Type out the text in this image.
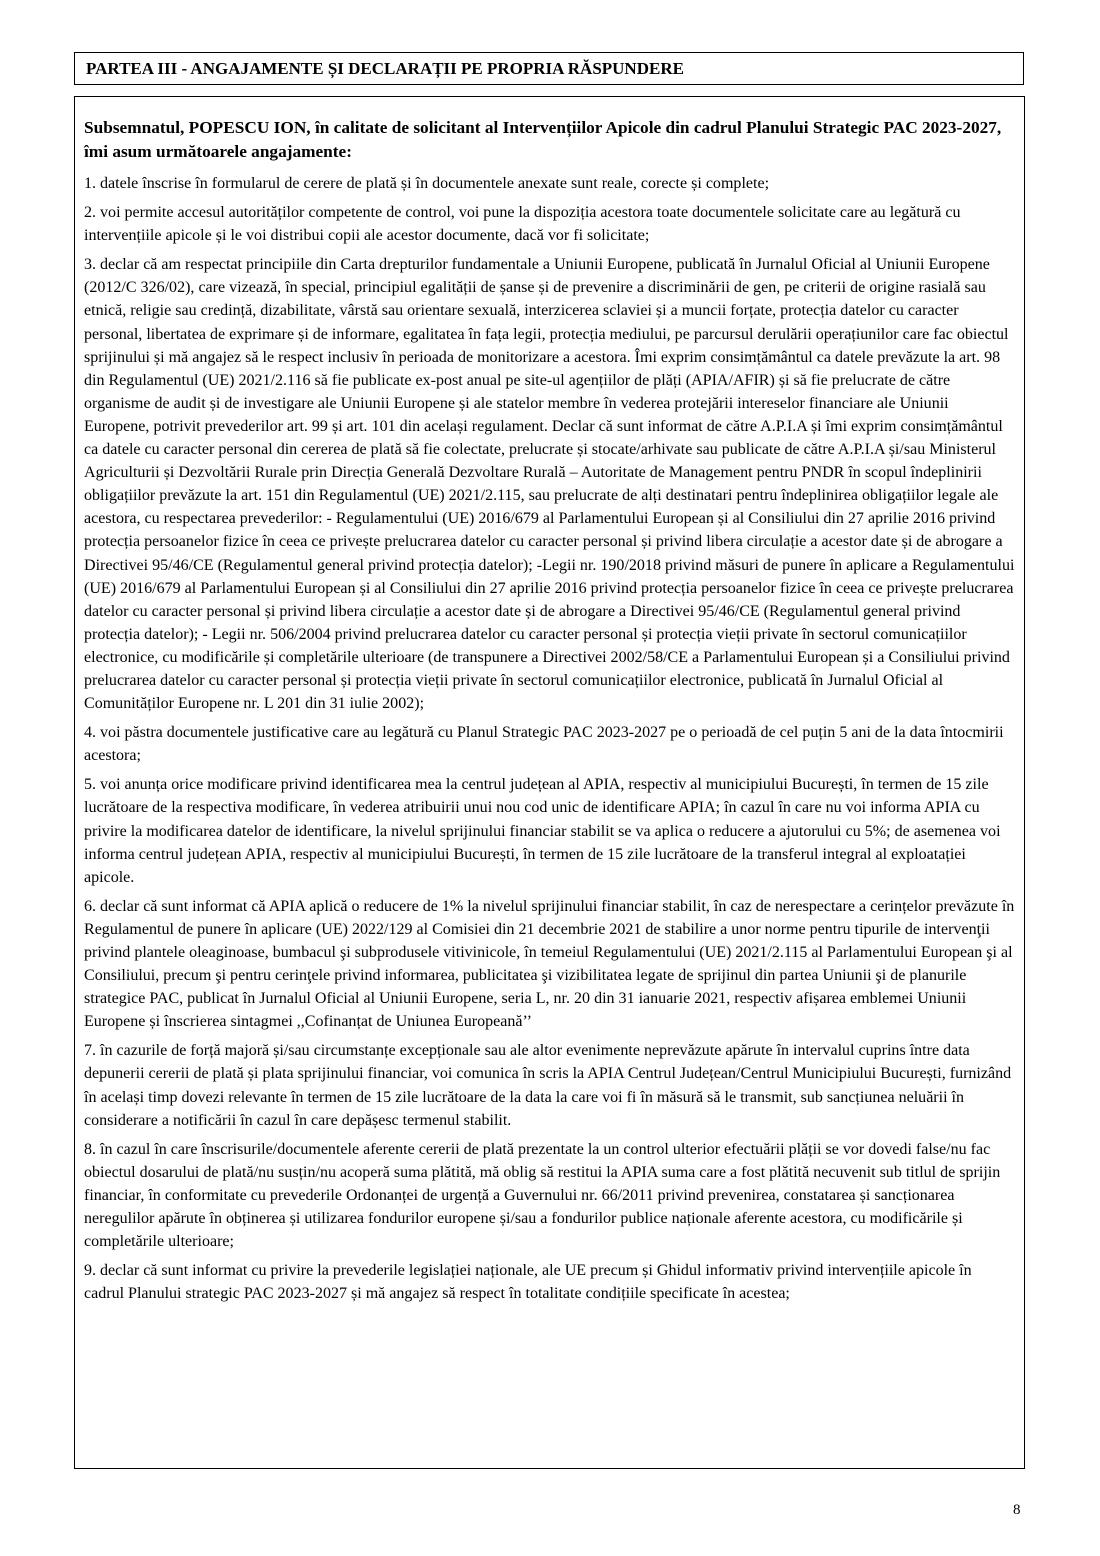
PARTEA III - ANGAJAMENTE ȘI DECLARAȚII PE PROPRIA RĂSPUNDERE

Subsemnatul, POPESCU ION, în calitate de solicitant al Intervențiilor Apicole din cadrul Planului Strategic PAC 2023-2027, îmi asum următoarele angajamente:

1. datele înscrise în formularul de cerere de plată și în documentele anexate sunt reale, corecte și complete;

2. voi permite accesul autorităților competente de control, voi pune la dispoziția acestora toate documentele solicitate care au legătură cu intervențiile apicole și le voi distribui copii ale acestor documente, dacă vor fi solicitate;

3. declar că am respectat principiile din Carta drepturilor fundamentale a Uniunii Europene, publicată în Jurnalul Oficial al Uniunii Europene (2012/C 326/02), care vizează, în special, principiul egalității de șanse și de prevenire a discriminării de gen, pe criterii de origine rasială sau etnică, religie sau credință, dizabilitate, vârstă sau orientare sexuală, interzicerea sclaviei și a muncii forțate, protecția datelor cu caracter personal, libertatea de exprimare și de informare, egalitatea în fața legii, protecția mediului, pe parcursul derulării operațiunilor care fac obiectul sprijinului și mă angajez să le respect inclusiv în perioada de monitorizare a acestora. Îmi exprim consimțământul ca datele prevăzute la art. 98 din Regulamentul (UE) 2021/2.116 să fie publicate ex-post anual pe site-ul agențiilor de plăți (APIA/AFIR) și să fie prelucrate de către organisme de audit și de investigare ale Uniunii Europene și ale statelor membre în vederea protejării intereselor financiare ale Uniunii Europene, potrivit prevederilor art. 99 și art. 101 din același regulament. Declar că sunt informat de către A.P.I.A și îmi exprim consimțământul ca datele cu caracter personal din cererea de plată să fie colectate, prelucrate și stocate/arhivate sau publicate de către A.P.I.A și/sau Ministerul Agriculturii și Dezvoltării Rurale prin Direcția Generală Dezvoltare Rurală – Autoritate de Management pentru PNDR în scopul îndeplinirii obligațiilor prevăzute la art. 151 din Regulamentul (UE) 2021/2.115, sau prelucrate de alți destinatari pentru îndeplinirea obligațiilor legale ale acestora, cu respectarea prevederilor: - Regulamentului (UE) 2016/679 al Parlamentului European și al Consiliului din 27 aprilie 2016 privind protecția persoanelor fizice în ceea ce privește prelucrarea datelor cu caracter personal și privind libera circulație a acestor date și de abrogare a Directivei 95/46/CE (Regulamentul general privind protecția datelor); -Legii nr. 190/2018 privind măsuri de punere în aplicare a Regulamentului (UE) 2016/679 al Parlamentului European și al Consiliului din 27 aprilie 2016 privind protecția persoanelor fizice în ceea ce privește prelucrarea datelor cu caracter personal și privind libera circulație a acestor date și de abrogare a Directivei 95/46/CE (Regulamentul general privind protecția datelor); - Legii nr. 506/2004 privind prelucrarea datelor cu caracter personal și protecția vieții private în sectorul comunicațiilor electronice, cu modificările și completările ulterioare (de transpunere a Directivei 2002/58/CE a Parlamentului European și a Consiliului privind prelucrarea datelor cu caracter personal și protecția vieții private în sectorul comunicațiilor electronice, publicată în Jurnalul Oficial al Comunităților Europene nr. L 201 din 31 iulie 2002);

4. voi păstra documentele justificative care au legătură cu Planul Strategic PAC 2023-2027 pe o perioadă de cel puțin 5 ani de la data întocmirii acestora;

5. voi anunța orice modificare privind identificarea mea la centrul județean al APIA, respectiv al municipiului București, în termen de 15 zile lucrătoare de la respectiva modificare, în vederea atribuirii unui nou cod unic de identificare APIA; în cazul în care nu voi informa APIA cu privire la modificarea datelor de identificare, la nivelul sprijinului financiar stabilit se va aplica o reducere a ajutorului cu 5%; de asemenea voi informa centrul județean APIA, respectiv al municipiului București, în termen de 15 zile lucrătoare de la transferul integral al exploatației apicole.

6. declar că sunt informat că APIA aplică o reducere de 1% la nivelul sprijinului financiar stabilit, în caz de nerespectare a cerințelor prevăzute în Regulamentul de punere în aplicare (UE) 2022/129 al Comisiei din 21 decembrie 2021 de stabilire a unor norme pentru tipurile de intervenţii privind plantele oleaginoase, bumbacul şi subprodusele vitivinicole, în temeiul Regulamentului (UE) 2021/2.115 al Parlamentului European şi al Consiliului, precum şi pentru cerinţele privind informarea, publicitatea şi vizibilitatea legate de sprijinul din partea Uniunii şi de planurile strategice PAC, publicat în Jurnalul Oficial al Uniunii Europene, seria L, nr. 20 din 31 ianuarie 2021, respectiv afișarea emblemei Uniunii Europene și înscrierea sintagmei ,,Cofinanțat de Uniunea Europeană’’

7. în cazurile de forță majoră și/sau circumstanțe excepționale sau ale altor evenimente neprevăzute apărute în intervalul cuprins între data depunerii cererii de plată și plata sprijinului financiar, voi comunica în scris la APIA Centrul Județean/Centrul Municipiului București, furnizând în același timp dovezi relevante în termen de 15 zile lucrătoare de la data la care voi fi în măsură să le transmit, sub sancțiunea neluării în considerare a notificării în cazul în care depășesc termenul stabilit.

8. în cazul în care înscrisurile/documentele aferente cererii de plată prezentate la un control ulterior efectuării plății se vor dovedi false/nu fac obiectul dosarului de plată/nu susțin/nu acoperă suma plătită, mă oblig să restitui la APIA suma care a fost plătită necuvenit sub titlul de sprijin financiar, în conformitate cu prevederile Ordonanței de urgență a Guvernului nr. 66/2011 privind prevenirea, constatarea și sancționarea neregulilor apărute în obținerea și utilizarea fondurilor europene și/sau a fondurilor publice naționale aferente acestora, cu modificările și completările ulterioare;

9. declar că sunt informat cu privire la prevederile legislației naționale, ale UE precum și Ghidul informativ privind intervențiile apicole în cadrul Planului strategic PAC 2023-2027 și mă angajez să respect în totalitate condițiile specificate în acestea;

8
